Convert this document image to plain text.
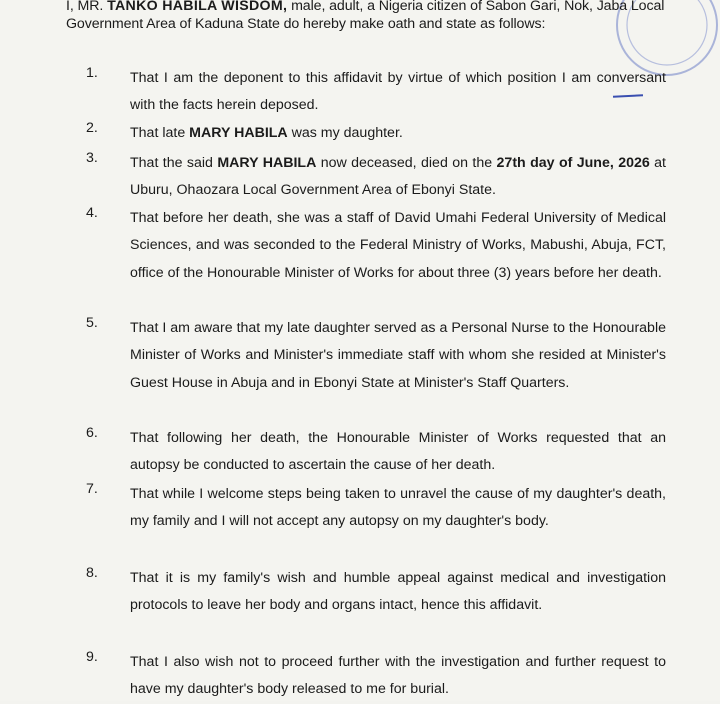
I, MR. TANKO HABILA WISDOM, male, adult, a Nigeria citizen of Sabon Gari, Nok, Jaba Local Government Area of Kaduna State do hereby make oath and state as follows:
1.	That I am the deponent to this affidavit by virtue of which position I am conversant with the facts herein deposed.
2.	That late MARY HABILA was my daughter.
3.	That the said MARY HABILA now deceased, died on the 27th day of June, 2026 at Uburu, Ohaozara Local Government Area of Ebonyi State.
4.	That before her death, she was a staff of David Umahi Federal University of Medical Sciences, and was seconded to the Federal Ministry of Works, Mabushi, Abuja, FCT, office of the Honourable Minister of Works for about three (3) years before her death.
5.	That I am aware that my late daughter served as a Personal Nurse to the Honourable Minister of Works and Minister's immediate staff with whom she resided at Minister's Guest House in Abuja and in Ebonyi State at Minister's Staff Quarters.
6.	That following her death, the Honourable Minister of Works requested that an autopsy be conducted to ascertain the cause of her death.
7.	That while I welcome steps being taken to unravel the cause of my daughter's death, my family and I will not accept any autopsy on my daughter's body.
8.	That it is my family's wish and humble appeal against medical and investigation protocols to leave her body and organs intact, hence this affidavit.
9.	That I also wish not to proceed further with the investigation and further request to have my daughter's body released to me for burial.
